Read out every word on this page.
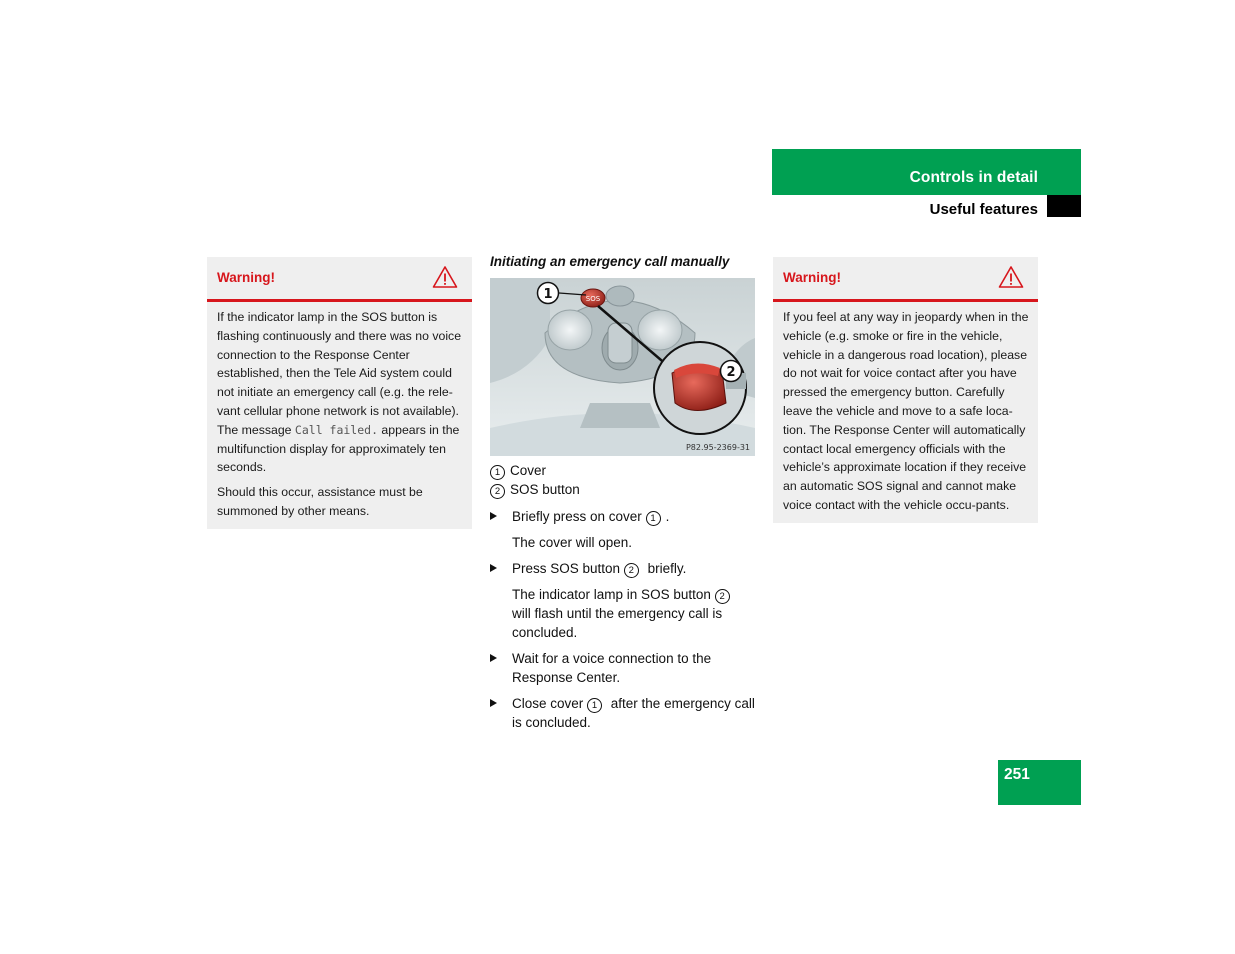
Controls in detail
Useful features
Warning!

If the indicator lamp in the SOS button is flashing continuously and there was no voice connection to the Response Center established, then the Tele Aid system could not initiate an emergency call (e.g. the rele-vant cellular phone network is not available). The message Call failed. appears in the multifunction display for approximately ten seconds.

Should this occur, assistance must be summoned by other means.

Initiating an emergency call manually

SOS
1
2
P82.95-2369-31
1 Cover
2 SOS button
Briefly press on cover 1 .
The cover will open.
Press SOS button 2 briefly.
The indicator lamp in SOS button 2 will flash until the emergency call is concluded.
Wait for a voice connection to the Response Center.
Close cover 1 after the emergency call is concluded.
Warning!

If you feel at any way in jeopardy when in the vehicle (e.g. smoke or fire in the vehicle, vehicle in a dangerous road location), please do not wait for voice contact after you have pressed the emergency button. Carefully leave the vehicle and move to a safe loca-tion. The Response Center will automatically contact local emergency officials with the vehicle’s approximate location if they receive an automatic SOS signal and cannot make voice contact with the vehicle occu-pants.

251
